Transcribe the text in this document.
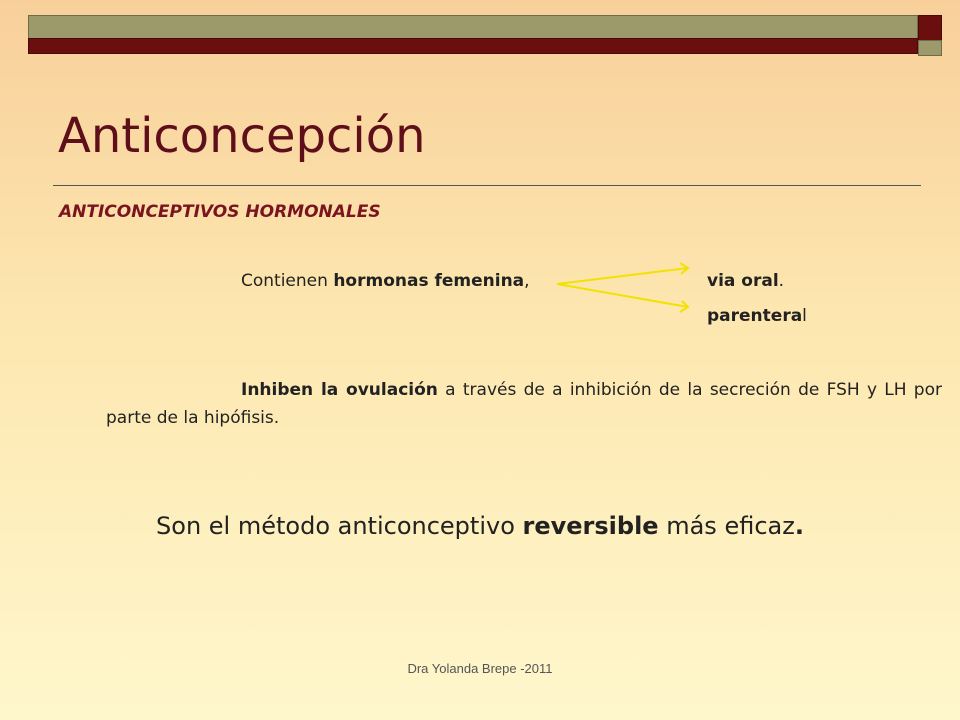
Anticoncepción
ANTICONCEPTIVOS HORMONALES
Contienen hormonas femenina,	via oral.
parenteral
Inhiben la ovulación a través de a inhibición de la secreción de FSH y LH por parte de la hipófisis.
Son el método anticonceptivo reversible más eficaz.
Dra Yolanda Brepe -2011
